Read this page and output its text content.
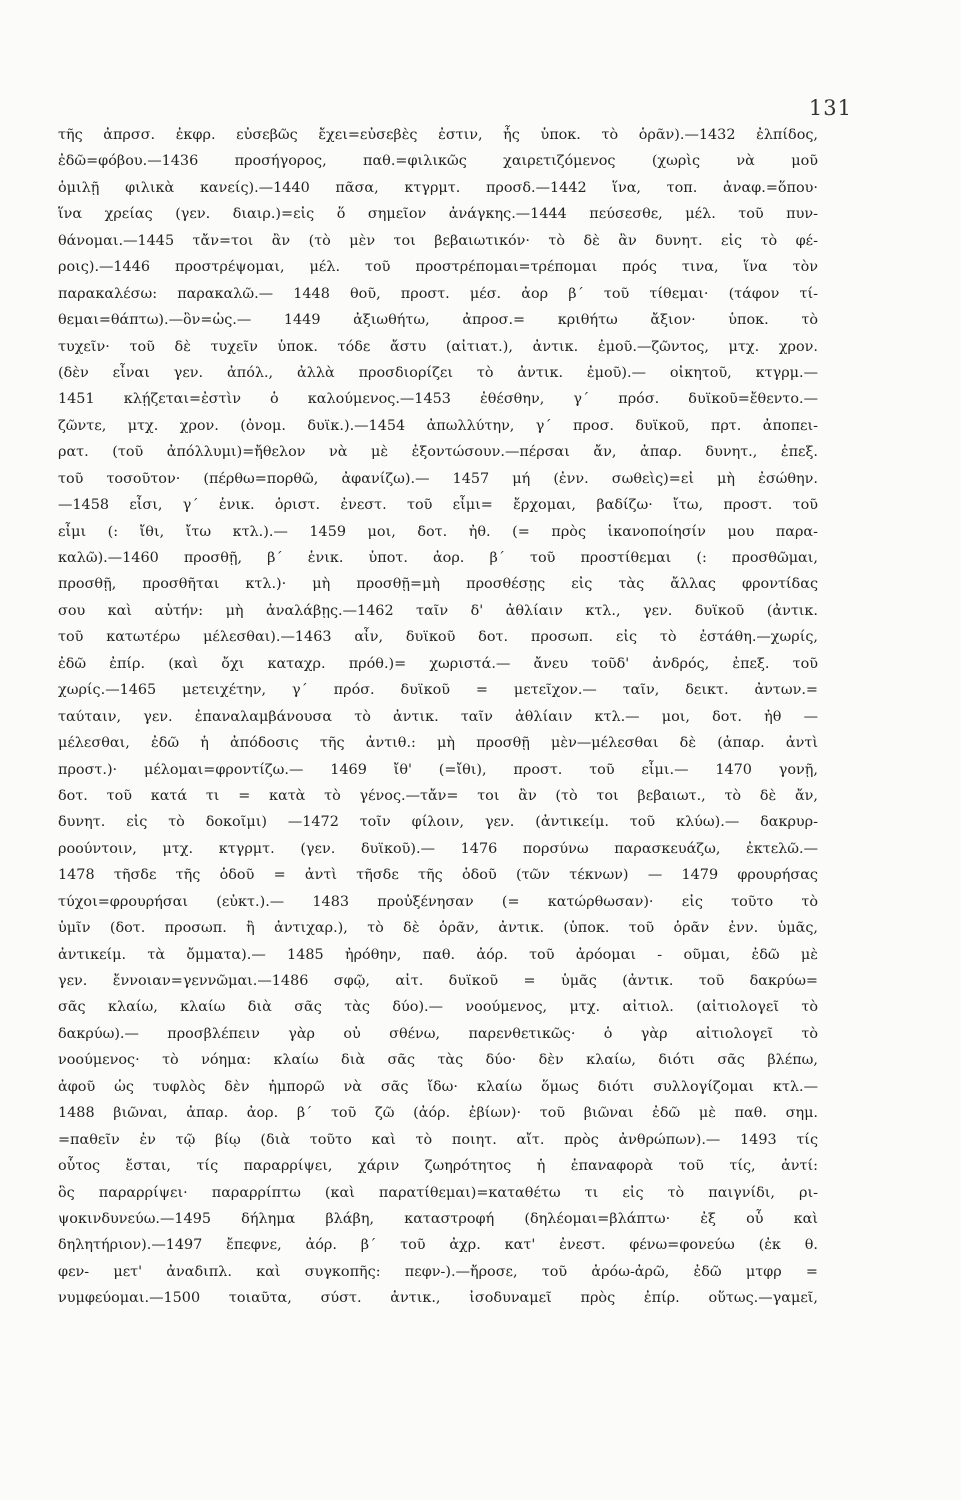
131
τῆς ἀπρσσ. ἐκφρ. εὐσεβῶς ἔχει=εὐσεβὲς ἐστιν, ἧς ὑποκ. τὸ ὁρᾶν).—1432 ἐλπίδος,
ἐδῶ=φόβου.—1436 προσήγορος, παθ.=φιλικῶς χαιρετιζόμενος (χωρὶς νὰ μοῦ
ὁμιλῇ φιλικὰ κανείς).—1440 πᾶσα, κτγρμτ. προσδ.—1442 ἵνα, τοπ. ἀναφ.=ὅπου·
ἵνα χρείας (γεν. διαιρ.)=εἰς ὅ σημεῖον ἀνάγκης.—1444 πεύσεσθε, μέλ. τοῦ πυν-
θάνομαι.—1445 τἄν=τοι ἂν (τὸ μὲν τοι βεβαιωτικόν· τὸ δὲ ἂν δυνητ. εἰς τὸ φέ-
ροις).—1446 προστρέψομαι, μέλ. τοῦ προστρέπομαι=τρέπομαι πρός τινα, ἵνα τὸν
παρακαλέσω: παρακαλῶ.— 1448 θοῦ, προστ. μέσ. ἀορ β΄ τοῦ τίθεμαι· (τάφον τί-
θεμαι=θάπτω).—ὃν=ὡς.— 1449 ἀξιωθήτω, ἀπροσ.= κριθήτω ἄξιον· ὑποκ. τὸ
τυχεῖν· τοῦ δὲ τυχεῖν ὑποκ. τόδε ἄστυ (αἰτιατ.), ἀντικ. ἐμοῦ.—ζῶντος, μτχ. χρον.
(δὲν εἶναι γεν. ἀπόλ., ἀλλὰ προσδιορίζει τὸ ἀντικ. ἐμοῦ).— οἰκητοῦ, κτγρμ.—
1451 κλῄζεται=ἐστὶν ὁ καλούμενος.—1453 ἐθέσθην, γ΄ πρόσ. δυϊκοῦ=ἔθεντο.—
ζῶντε, μτχ. χρον. (ὀνομ. δυϊκ.).—1454 ἀπωλλύτην, γ΄ προσ. δυϊκοῦ, πρτ. ἀποπει-
ρατ. (τοῦ ἀπόλλυμι)=ἤθελον νὰ μὲ ἐξοντώσουν.—πέρσαι ἄν, ἀπαρ. δυνητ., ἐπεξ.
τοῦ τοσοῦτον· (πέρθω=πορθῶ, ἀφανίζω).— 1457 μή (ἐνν. σωθεὶς)=εἰ μὴ ἐσώθην.
—1458 εἶσι, γ΄ ἑνικ. ὁριστ. ἐνεστ. τοῦ εἶμι= ἔρχομαι, βαδίζω· ἴτω, προστ. τοῦ
εἶμι (: ἴθι, ἴτω κτλ.).— 1459 μοι, δοτ. ἠθ. (= πρὸς ἱκανοποίησίν μου παρα-
καλῶ).—1460 προσθῇ, β΄ ἑνικ. ὑποτ. ἀορ. β΄ τοῦ προστίθεμαι (: προσθῶμαι,
προσθῇ, προσθῆται κτλ.)· μὴ προσθῇ=μὴ προσθέσῃς εἰς τὰς ἄλλας φροντίδας
σου καὶ αὐτήν: μὴ ἀναλάβῃς.—1462 ταῖν δ' ἀθλίαιν κτλ., γεν. δυϊκοῦ (ἀντικ.
τοῦ κατωτέρω μέλεσθαι).—1463 αἶν, δυϊκοῦ δοτ. προσωπ. εἰς τὸ ἐστάθη.—χωρίς,
ἐδῶ ἐπίρ. (καὶ ὄχι καταχρ. πρόθ.)= χωριστά.— ἄνευ τοῦδ' ἀνδρός, ἐπεξ. τοῦ
χωρίς.—1465 μετειχέτην, γ΄ πρόσ. δυϊκοῦ = μετεῖχον.— ταῖν, δεικτ. ἀντων.=
ταύταιν, γεν. ἐπαναλαμβάνουσα τὸ ἀντικ. ταῖν ἀθλίαιν κτλ.— μοι, δοτ. ἠθ —
μέλεσθαι, ἐδῶ ἡ ἀπόδοσις τῆς ἀντιθ.: μὴ προσθῇ μὲν—μέλεσθαι δὲ (ἀπαρ. ἀντὶ
προστ.)· μέλομαι=φροντίζω.— 1469 ἴθ' (=ἴθι), προστ. τοῦ εἶμι.— 1470 γονῇ,
δοτ. τοῦ κατά τι = κατὰ τὸ γένος.—τἄν= τοι ἂν (τὸ τοι βεβαιωτ., τὸ δὲ ἄν,
δυνητ. εἰς τὸ δοκοῖμι) —1472 τοῖν φίλοιν, γεν. (ἀντικείμ. τοῦ κλύω).— δακρυρ-
ροούντοιν, μτχ. κτγρμτ. (γεν. δυϊκοῦ).— 1476 πορσύνω παρασκευάζω, ἐκτελῶ.—
1478 τῆσδε τῆς ὁδοῦ = ἀντὶ τῆσδε τῆς ὁδοῦ (τῶν τέκνων) — 1479 φρουρήσας
τύχοι=φρουρήσαι (εὐκτ.).— 1483 προὐξένησαν (= κατώρθωσαν)· εἰς τοῦτο τὸ
ὑμῖν (δοτ. προσωπ. ἢ ἀντιχαρ.), τὸ δὲ ὁρᾶν, ἀντικ. (ὑποκ. τοῦ ὁρᾶν ἐνν. ὑμᾶς,
ἀντικείμ. τὰ ὄμματα).— 1485 ἠρόθην, παθ. ἀόρ. τοῦ ἀρόομαι - οῦμαι, ἐδῶ μὲ
γεν. ἔννοιαν=γεννῶμαι.—1486 σφῷ, αἰτ. δυϊκοῦ = ὑμᾶς (ἀντικ. τοῦ δακρύω=
σᾶς κλαίω, κλαίω διὰ σᾶς τὰς δύο).— νοούμενος, μτχ. αἰτιολ. (αἰτιολογεῖ τὸ
δακρύω).— προσβλέπειν γὰρ οὐ σθένω, παρενθετικῶς· ὁ γὰρ αἰτιολογεῖ τὸ
νοούμενος· τὸ νόημα: κλαίω διὰ σᾶς τὰς δύο· δὲν κλαίω, διότι σᾶς βλέπω,
ἀφοῦ ὡς τυφλὸς δὲν ἠμπορῶ νὰ σᾶς ἴδω· κλαίω ὅμως διότι συλλογίζομαι κτλ.—
1488 βιῶναι, ἀπαρ. ἀορ. β΄ τοῦ ζῶ (ἀόρ. ἐβίων)· τοῦ βιῶναι ἐδῶ μὲ παθ. σημ.
=παθεῖν ἐν τῷ βίῳ (διὰ τοῦτο καὶ τὸ ποιητ. αἴτ. πρὸς ἀνθρώπων).— 1493 τίς
οὗτος ἔσται, τίς παραρρίψει, χάριν ζωηρότητος ἡ ἐπαναφορὰ τοῦ τίς, ἀντί:
ὃς παραρρίψει· παραρρίπτω (καὶ παρατίθεμαι)=καταθέτω τι εἰς τὸ παιγνίδι, ρι-
ψοκινδυνεύω.—1495 δήλημα βλάβη, καταστροφή (δηλέομαι=βλάπτω· ἐξ οὗ καὶ
δηλητήριον).—1497 ἔπεφνε, ἀόρ. β΄ τοῦ ἀχρ. κατ' ἐνεστ. φένω=φονεύω (ἐκ θ.
φεν- μετ' ἀναδιπλ. καὶ συγκοπῆς: πεφν-).—ἤροσε, τοῦ ἀρόω-ἀρῶ, ἐδῶ μτφρ =
νυμφεύομαι.—1500 τοιαῦτα, σύστ. ἀντικ., ἰσοδυναμεῖ πρὸς ἐπίρ. οὕτως.—γαμεῖ,
